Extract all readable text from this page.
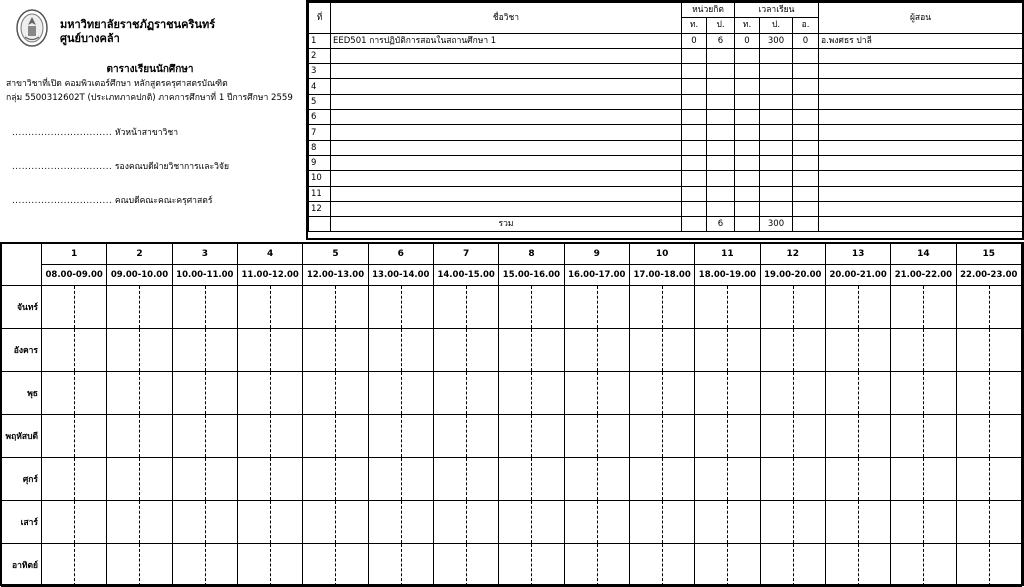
มหาวิทยาลัยราชภัฏราชนครินทร์
ศูนย์บางคล้า
ตารางเรียนนักศึกษา
สาขาวิชาที่เปิด คอมพิวเตอร์ศึกษา หลักสูตรครุศาสตรบัณฑิต
กลุ่ม 5500312602T (ประเภทภาคปกติ) ภาคการศึกษาที่ 1 ปีการศึกษา 2559
............................... หัวหน้าสาขาวิชา
............................... รองคณบดีฝ่ายวิชาการและวิจัย
............................... คณบดีคณะคณะครุศาสตร์
ที่	ชื่อวิชา	หน่วยกิต		เวลาเรียน			ผู้สอน
		ท.	ป.	ท.	ป.	อ.	
1	EED501 การปฏิบัติการสอนในสถานศึกษา 1	0	6	0	300	0	อ.พงศธร ปาลี
2							
3							
4							
5							
6							
7							
8							
9							
10							
11							
12							
	รวม		6		300		
	1	2	3	4	5	6	7	8	9	10	11	12	13	14	15
	08.00-09.00	09.00-10.00	10.00-11.00	11.00-12.00	12.00-13.00	13.00-14.00	14.00-15.00	15.00-16.00	16.00-17.00	17.00-18.00	18.00-19.00	19.00-20.00	20.00-21.00	21.00-22.00	22.00-23.00
จันทร์															
อังคาร															
พุธ															
พฤหัสบดี															
ศุกร์															
เสาร์															
อาทิตย์															
